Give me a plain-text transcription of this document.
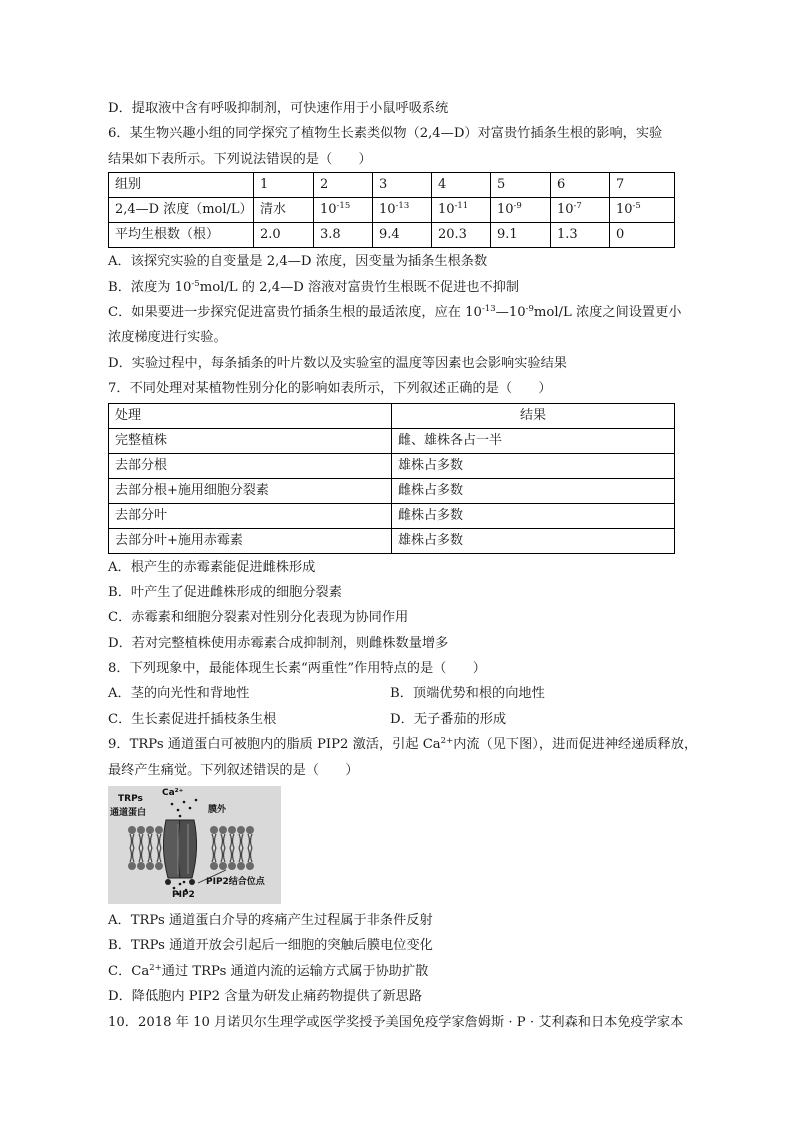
D．提取液中含有呼吸抑制剂，可快速作用于小鼠呼吸系统
6．某生物兴趣小组的同学探究了植物生长素类似物（2,4—D）对富贵竹插条生根的影响，实验
结果如下表所示。下列说法错误的是（　　）
组别	1	2	3	4	5	6	7
2,4—D 浓度（mol/L）	清水	$10^{-15}$	$10^{-13}$	$10^{-11}$	$10^{-9}$	$10^{-7}$	$10^{-5}$
平均生根数（根）	2.0	3.8	9.4	20.3	9.1	1.3	0
A．该探究实验的自变量是 2,4—D 浓度，因变量为插条生根条数
B．浓度为 $10^{-5}mol/L$ 的 2,4—D 溶液对富贵竹生根既不促进也不抑制
C．如果要进一步探究促进富贵竹插条生根的最适浓度，应在 $10^{-13}—10^{-9}mol/L$ 浓度之间设置更小
浓度梯度进行实验。
D．实验过程中，每条插条的叶片数以及实验室的温度等因素也会影响实验结果
7．不同处理对某植物性别分化的影响如表所示，下列叙述正确的是（　　）
处理	结果
完整植株	雌、雄株各占一半
去部分根	雄株占多数
去部分根+施用细胞分裂素	雌株占多数
去部分叶	雌株占多数
去部分叶+施用赤霉素	雄株占多数
A．根产生的赤霉素能促进雌株形成
B．叶产生了促进雌株形成的细胞分裂素
C．赤霉素和细胞分裂素对性别分化表现为协同作用
D．若对完整植株使用赤霉素合成抑制剂，则雌株数量增多
8．下列现象中，最能体现生长素“两重性”作用特点的是（　　）
A．茎的向光性和背地性	B．顶端优势和根的向地性
C．生长素促进扦插枝条生根	D．无子番茄的形成
9．TRPs 通道蛋白可被胞内的脂质 PIP2 激活，引起 $Ca^{2+}$内流（见下图），进而促进神经递质释放，
最终产生痛觉。下列叙述错误的是（　　）
TRPs
通道蛋白
Ca²⁺
膜外
PIP2结合位点
PIP2
A．TRPs 通道蛋白介导的疼痛产生过程属于非条件反射
B．TRPs 通道开放会引起后一细胞的突触后膜电位变化
C．$Ca^{2+}$通过 TRPs 通道内流的运输方式属于协助扩散
D．降低胞内 PIP2 含量为研发止痛药物提供了新思路
10．2018 年 10 月诺贝尔生理学或医学奖授予美国免疫学家詹姆斯 · P · 艾利森和日本免疫学家本
